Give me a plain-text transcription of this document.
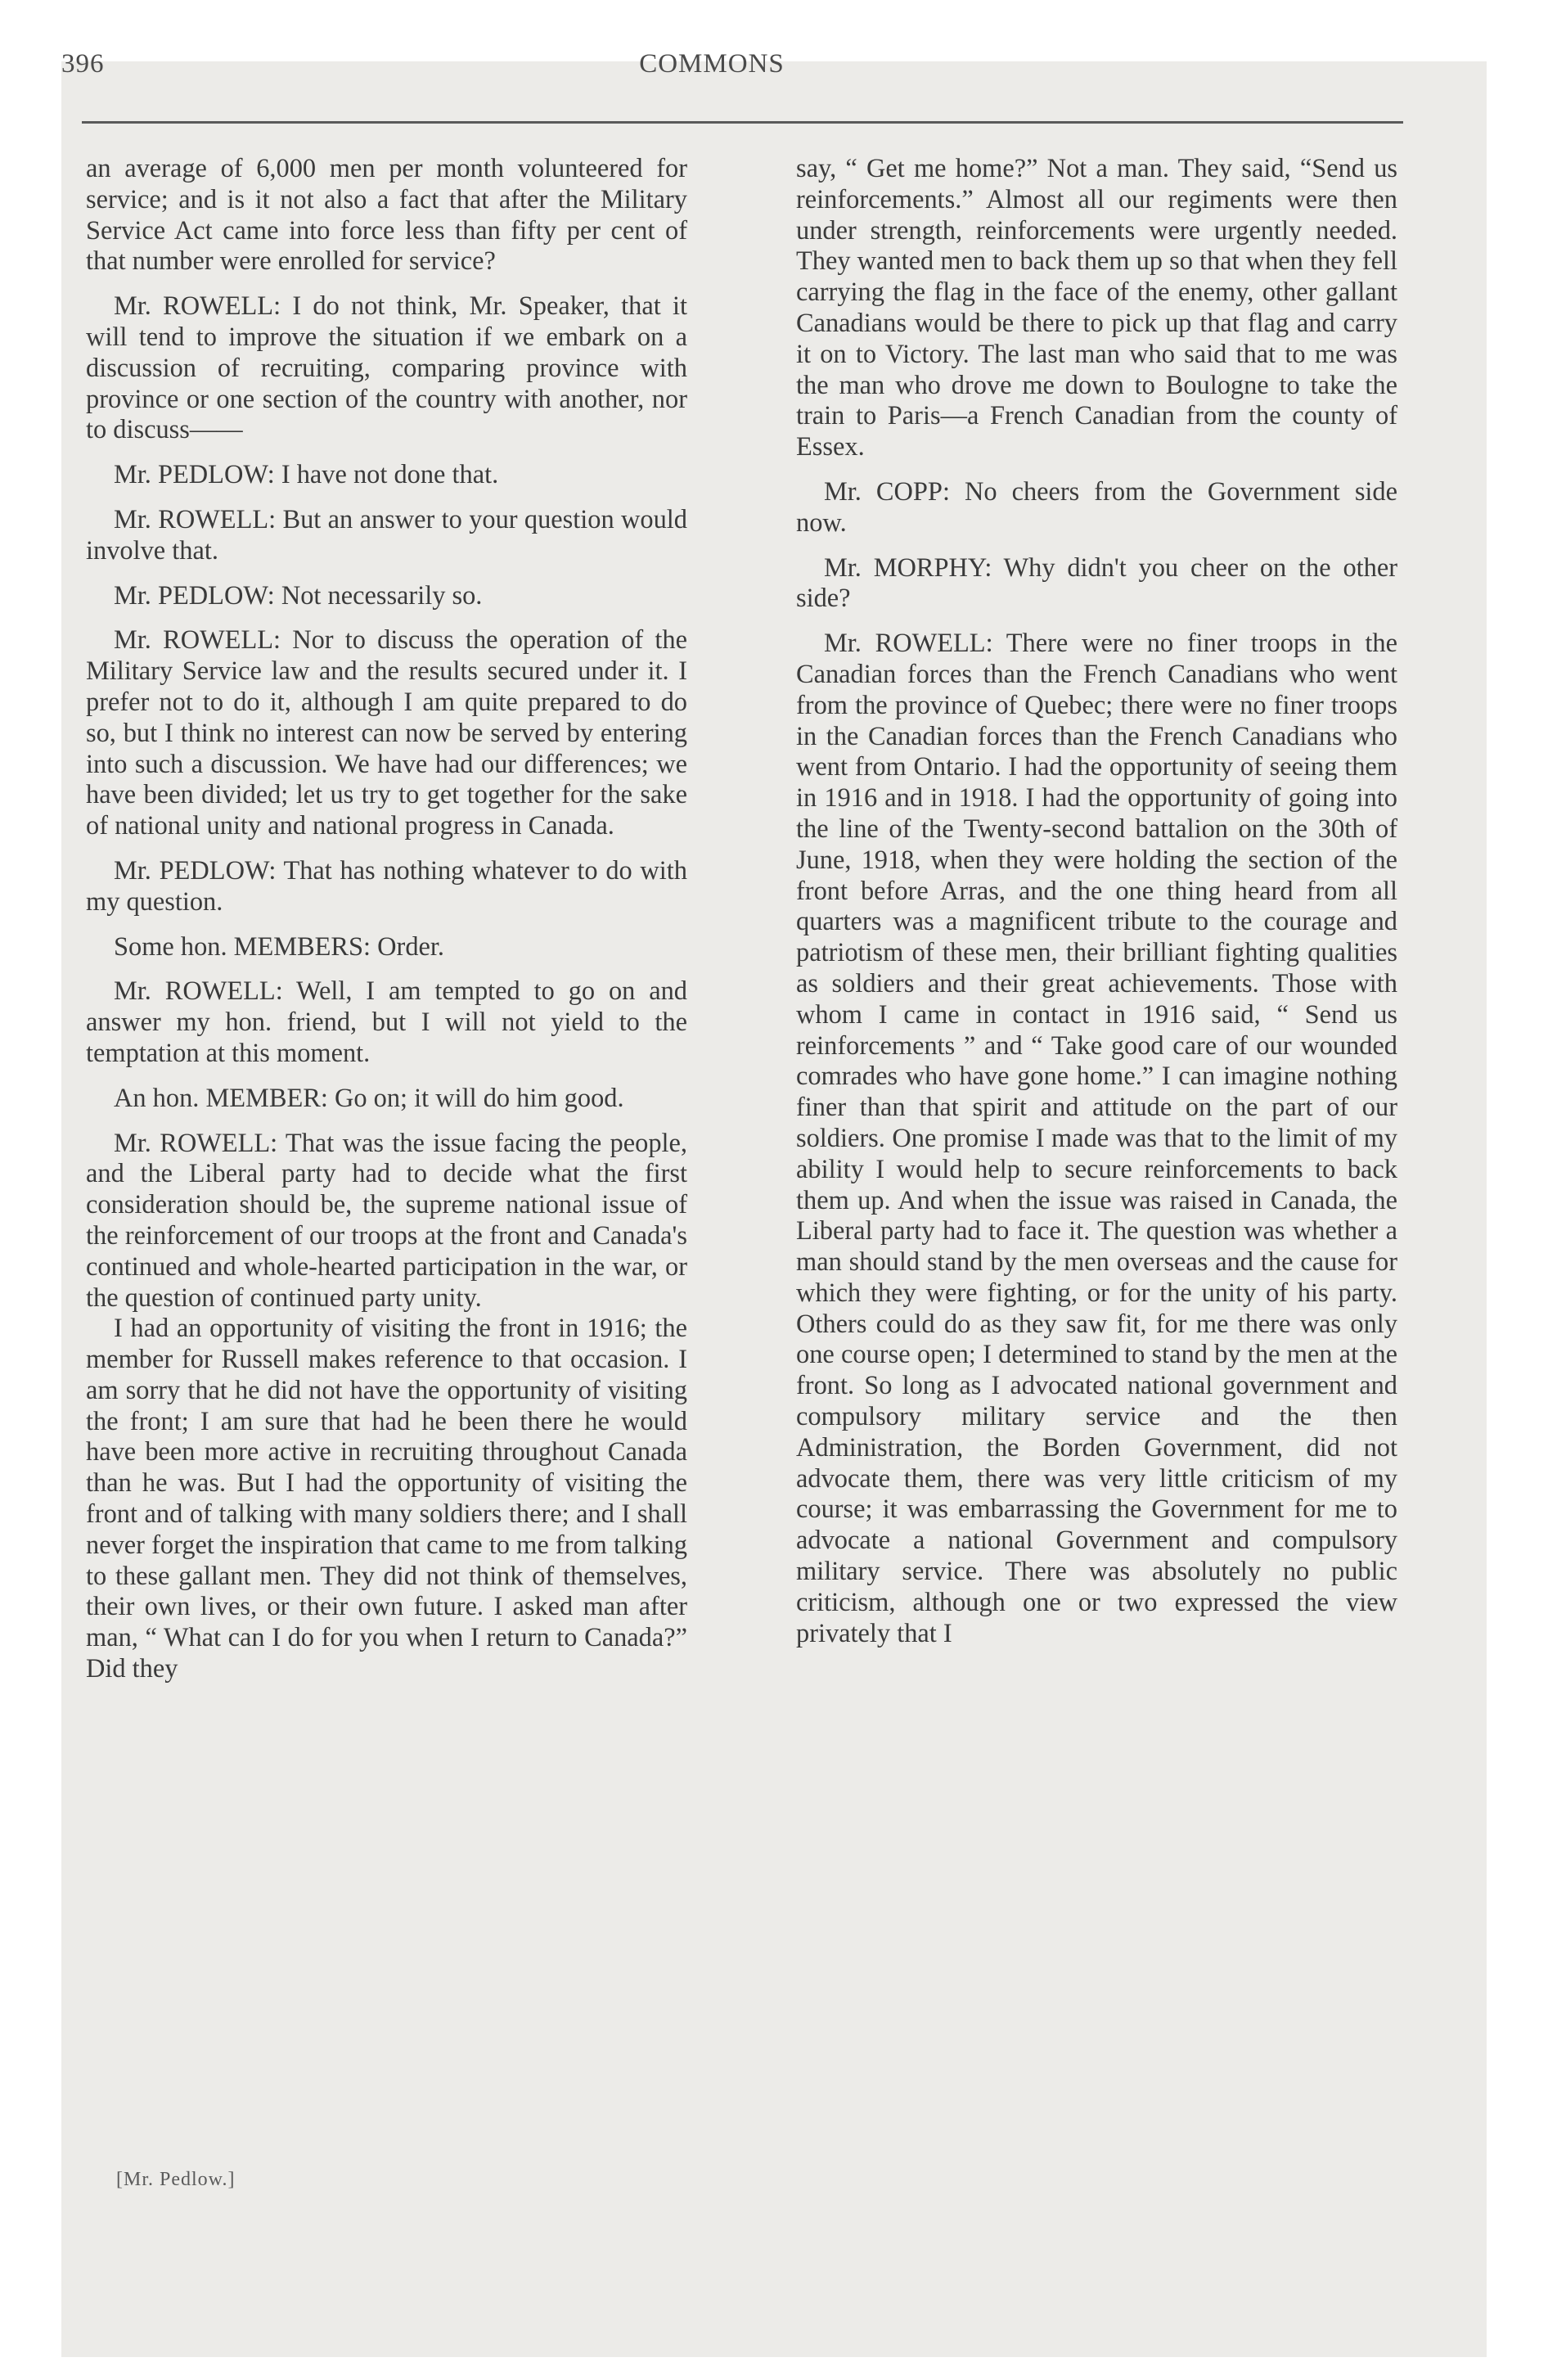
396	COMMONS

an average of 6,000 men per month volunteered for service; and is it not also a fact that after the Military Service Act came into force less than fifty per cent of that number were enrolled for service?

Mr. ROWELL: I do not think, Mr. Speaker, that it will tend to improve the situation if we embark on a discussion of recruiting, comparing province with province or one section of the country with another, nor to discuss——

Mr. PEDLOW: I have not done that.

Mr. ROWELL: But an answer to your question would involve that.

Mr. PEDLOW: Not necessarily so.

Mr. ROWELL: Nor to discuss the operation of the Military Service law and the results secured under it. I prefer not to do it, although I am quite prepared to do so, but I think no interest can now be served by entering into such a discussion. We have had our differences; we have been divided; let us try to get together for the sake of national unity and national progress in Canada.

Mr. PEDLOW: That has nothing whatever to do with my question.

Some hon. MEMBERS: Order.

Mr. ROWELL: Well, I am tempted to go on and answer my hon. friend, but I will not yield to the temptation at this moment.

An hon. MEMBER: Go on; it will do him good.

Mr. ROWELL: That was the issue facing the people, and the Liberal party had to decide what the first consideration should be, the supreme national issue of the reinforcement of our troops at the front and Canada's continued and whole-hearted participation in the war, or the question of continued party unity.

I had an opportunity of visiting the front in 1916; the member for Russell makes reference to that occasion. I am sorry that he did not have the opportunity of visiting the front; I am sure that had he been there he would have been more active in recruiting throughout Canada than he was. But I had the opportunity of visiting the front and of talking with many soldiers there; and I shall never forget the inspiration that came to me from talking to these gallant men. They did not think of themselves, their own lives, or their own future. I asked man after man, “ What can I do for you when I return to Canada?” Did they

say, “ Get me home?” Not a man. They said, “Send us reinforcements.” Almost all our regiments were then under strength, reinforcements were urgently needed. They wanted men to back them up so that when they fell carrying the flag in the face of the enemy, other gallant Canadians would be there to pick up that flag and carry it on to Victory. The last man who said that to me was the man who drove me down to Boulogne to take the train to Paris—a French Canadian from the county of Essex.

Mr. COPP: No cheers from the Government side now.

Mr. MORPHY: Why didn't you cheer on the other side?

Mr. ROWELL: There were no finer troops in the Canadian forces than the French Canadians who went from the province of Quebec; there were no finer troops in the Canadian forces than the French Canadians who went from Ontario. I had the opportunity of seeing them in 1916 and in 1918. I had the opportunity of going into the line of the Twenty-second battalion on the 30th of June, 1918, when they were holding the section of the front before Arras, and the one thing heard from all quarters was a magnificent tribute to the courage and patriotism of these men, their brilliant fighting qualities as soldiers and their great achievements. Those with whom I came in contact in 1916 said, “ Send us reinforcements ” and “ Take good care of our wounded comrades who have gone home.” I can imagine nothing finer than that spirit and attitude on the part of our soldiers. One promise I made was that to the limit of my ability I would help to secure reinforcements to back them up. And when the issue was raised in Canada, the Liberal party had to face it. The question was whether a man should stand by the men overseas and the cause for which they were fighting, or for the unity of his party. Others could do as they saw fit, for me there was only one course open; I determined to stand by the men at the front. So long as I advocated national government and compulsory military service and the then Administration, the Borden Government, did not advocate them, there was very little criticism of my course; it was embarrassing the Government for me to advocate a national Government and compulsory military service. There was absolutely no public criticism, although one or two expressed the view privately that I

[Mr. Pedlow.]
